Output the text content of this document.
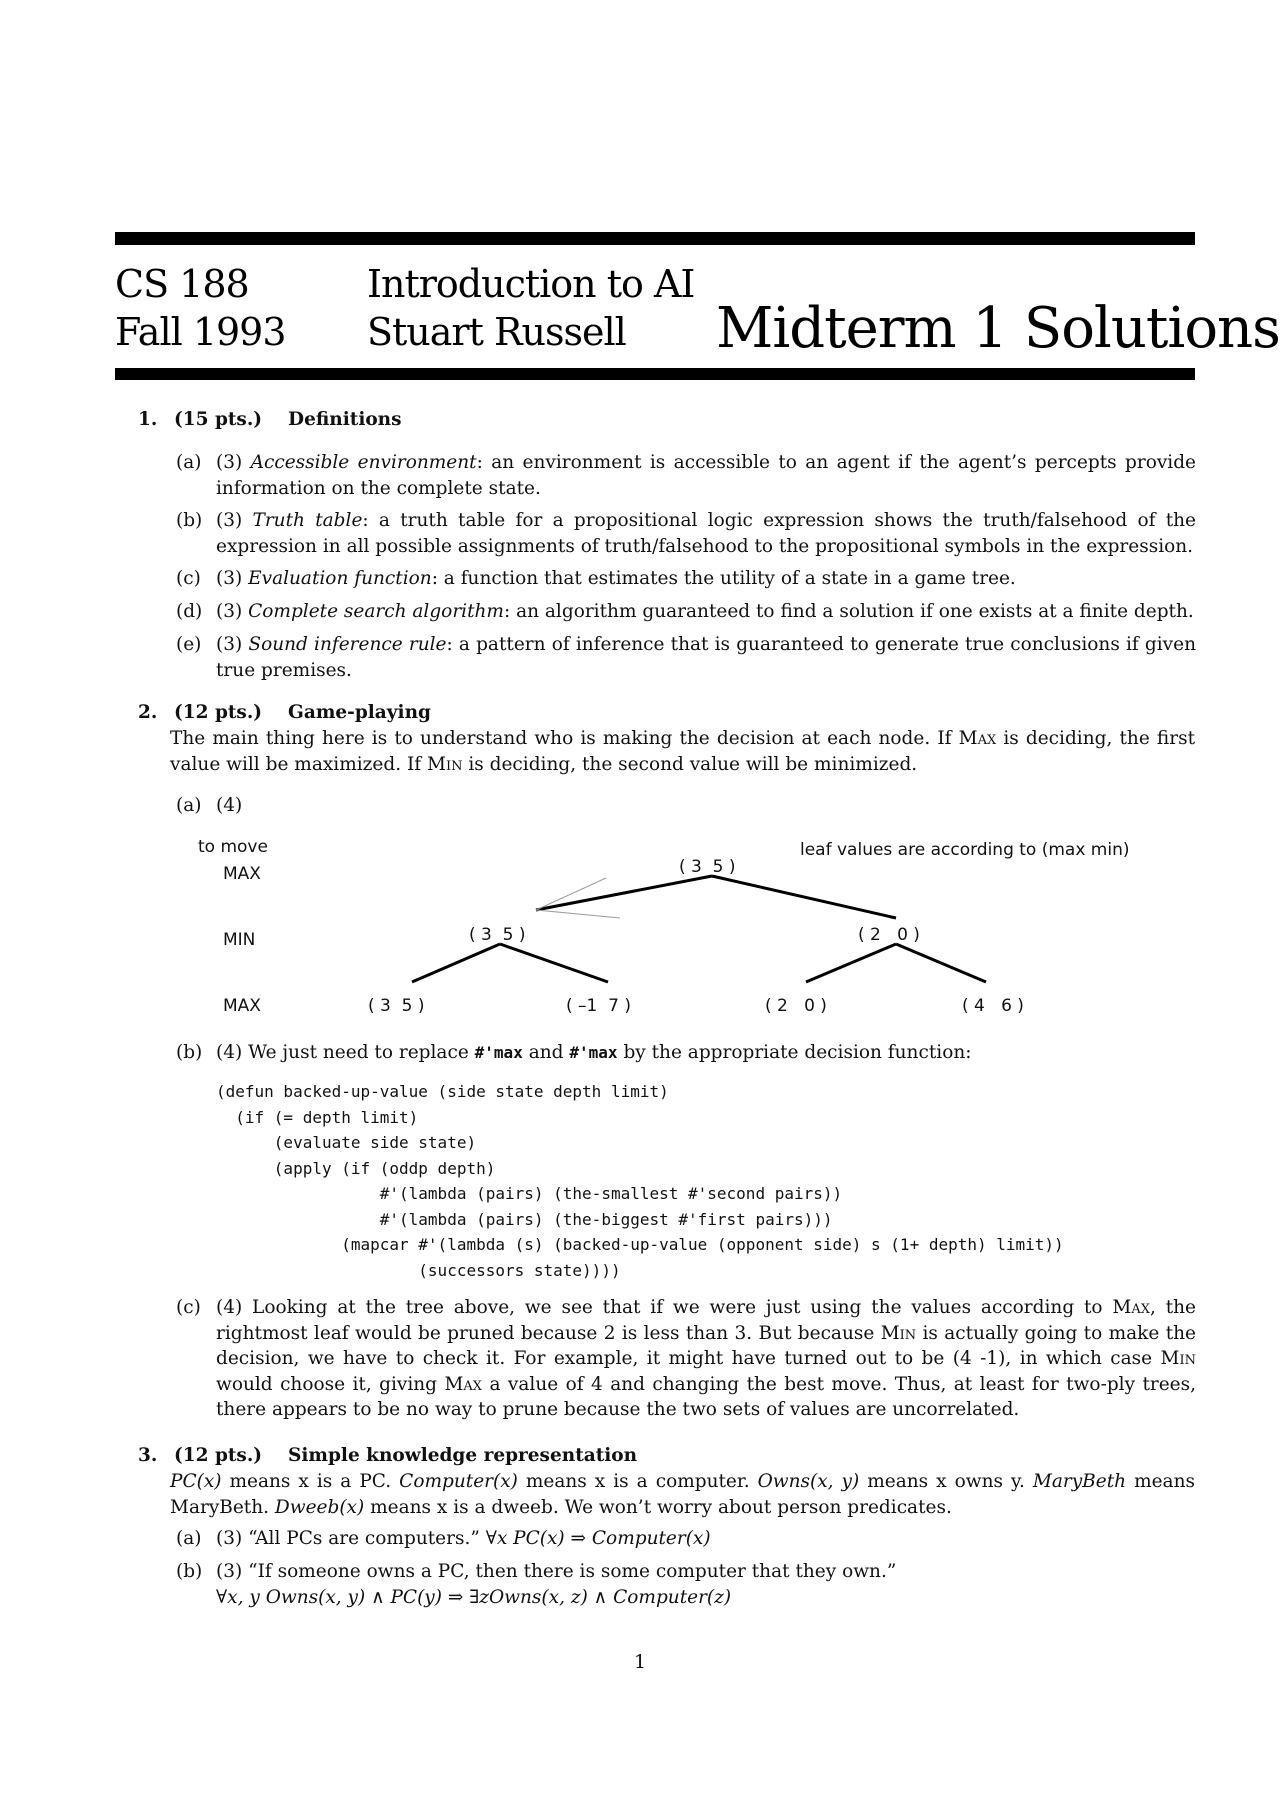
CS 188
Fall 1993
Introduction to AI
Stuart Russell Midterm 1 Solutions
1. (15 pts.) Definitions
(a) (3) Accessible environment: an environment is accessible to an agent if the agent’s percepts provide information on the complete state.
(b) (3) Truth table: a truth table for a propositional logic expression shows the truth/falsehood of the expression in all possible assignments of truth/falsehood to the propositional symbols in the expression.
(c) (3) Evaluation function: a function that estimates the utility of a state in a game tree.
(d) (3) Complete search algorithm: an algorithm guaranteed to find a solution if one exists at a finite depth.
(e) (3) Sound inference rule: a pattern of inference that is guaranteed to generate true conclusions if given true premises.
2. (12 pts.) Game-playing
The main thing here is to understand who is making the decision at each node. If Max is deciding, the first value will be maximized. If Min is deciding, the second value will be minimized.
(a) (4)
to move
MAX
MIN
MAX
leaf values are according to (max min)
( 3  5 )
( 3  5 )	( 2   0 )
( 3  5 )	( –1  7 )	( 2   0 )	( 4   6 )
(b) (4) We just need to replace #'max and #'max by the appropriate decision function:
(defun backed-up-value (side state depth limit)
(if (= depth limit)
(evaluate side state)
(apply (if (oddp depth)
#'(lambda (pairs) (the-smallest #'second pairs))
#'(lambda (pairs) (the-biggest #'first pairs)))
(mapcar #'(lambda (s) (backed-up-value (opponent side) s (1+ depth) limit))
(successors state))))
(c) (4) Looking at the tree above, we see that if we were just using the values according to Max, the rightmost leaf would be pruned because 2 is less than 3. But because Min is actually going to make the decision, we have to check it. For example, it might have turned out to be (4 -1), in which case Min would choose it, giving Max a value of 4 and changing the best move. Thus, at least for two-ply trees, there appears to be no way to prune because the two sets of values are uncorrelated.
3. (12 pts.) Simple knowledge representation
PC(x) means x is a PC. Computer(x) means x is a computer. Owns(x, y) means x owns y. MaryBeth means MaryBeth. Dweeb(x) means x is a dweeb. We won’t worry about person predicates.
(a) (3) “All PCs are computers.” ∀x PC(x) ⇒ Computer(x)
(b) (3) “If someone owns a PC, then there is some computer that they own.”
∀x, y Owns(x, y) ∧ PC(y) ⇒ ∃zOwns(x, z) ∧ Computer(z)
1
